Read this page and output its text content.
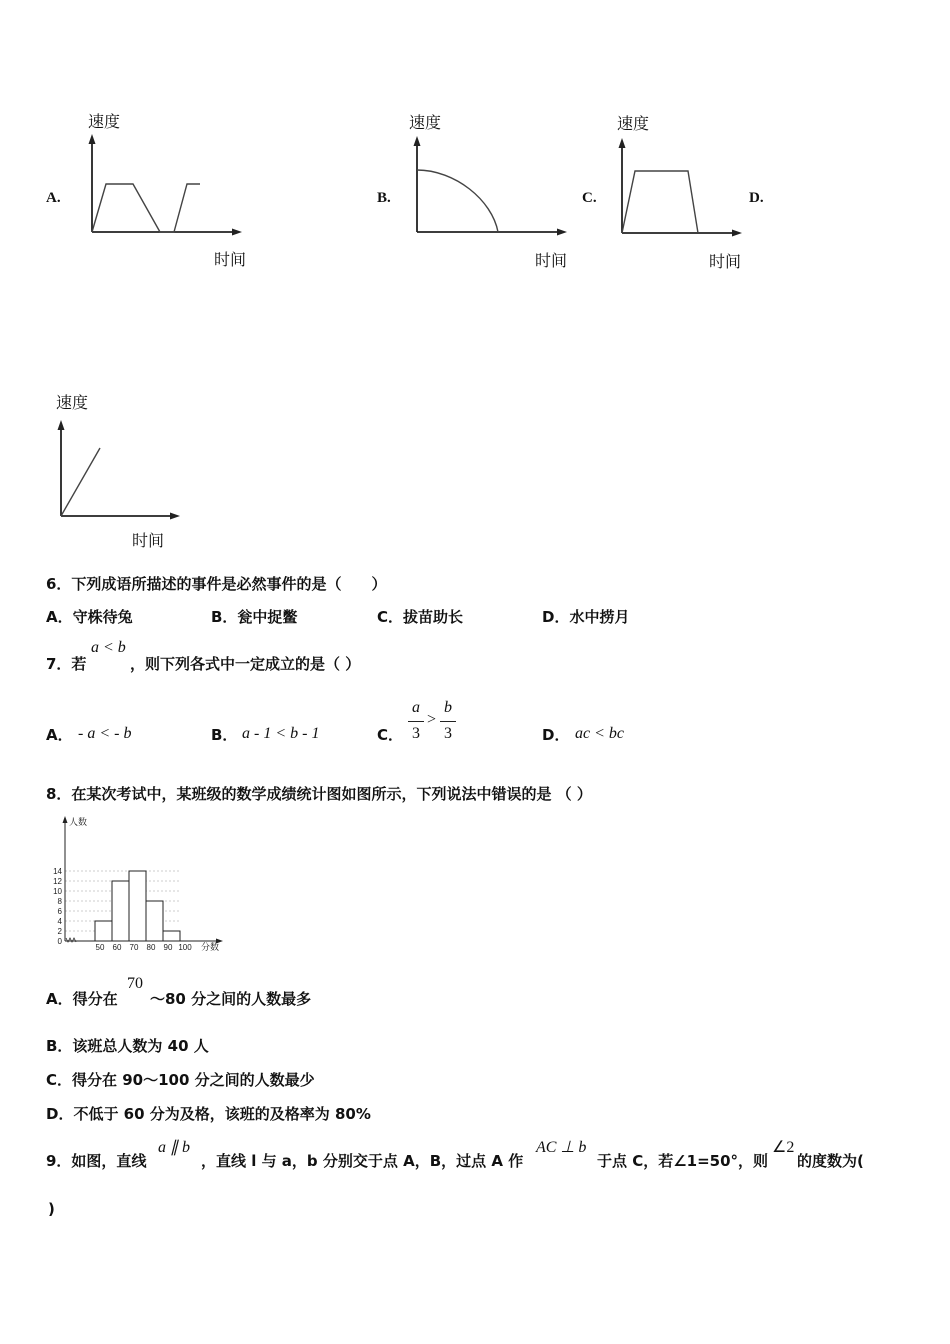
A.
速度
时间
B.
速度
时间
C.
速度
时间
D.
速度
时间
6．下列成语所描述的事件是必然事件的是（　　）
A．守株待兔	B．瓮中捉鳖	C．拔苗助长	D．水中捞月
7．若
a < b
，则下列各式中一定成立的是（ ）
A． - a < - b	B． a - 1 < b - 1	C．
a
3
>
b
3	D． ac < bc
8．在某次考试中，某班级的数学成绩统计图如图所示，下列说法中错误的是 （ ）
0
2
4
6
8
10
12
14
50 60 70 80 90 100
人数
分数
A．得分在
70
～80 分之间的人数最多
B．该班总人数为 40 人
C．得分在 90～100 分之间的人数最少
D．不低于 60 分为及格，该班的及格率为 80%
9．如图，直线
a ∥ b
，直线 l 与 a，b 分别交于点 A，B，过点 A 作
AC ⊥ b
于点 C，若∠1=50°，则
∠2
的度数为(
)
